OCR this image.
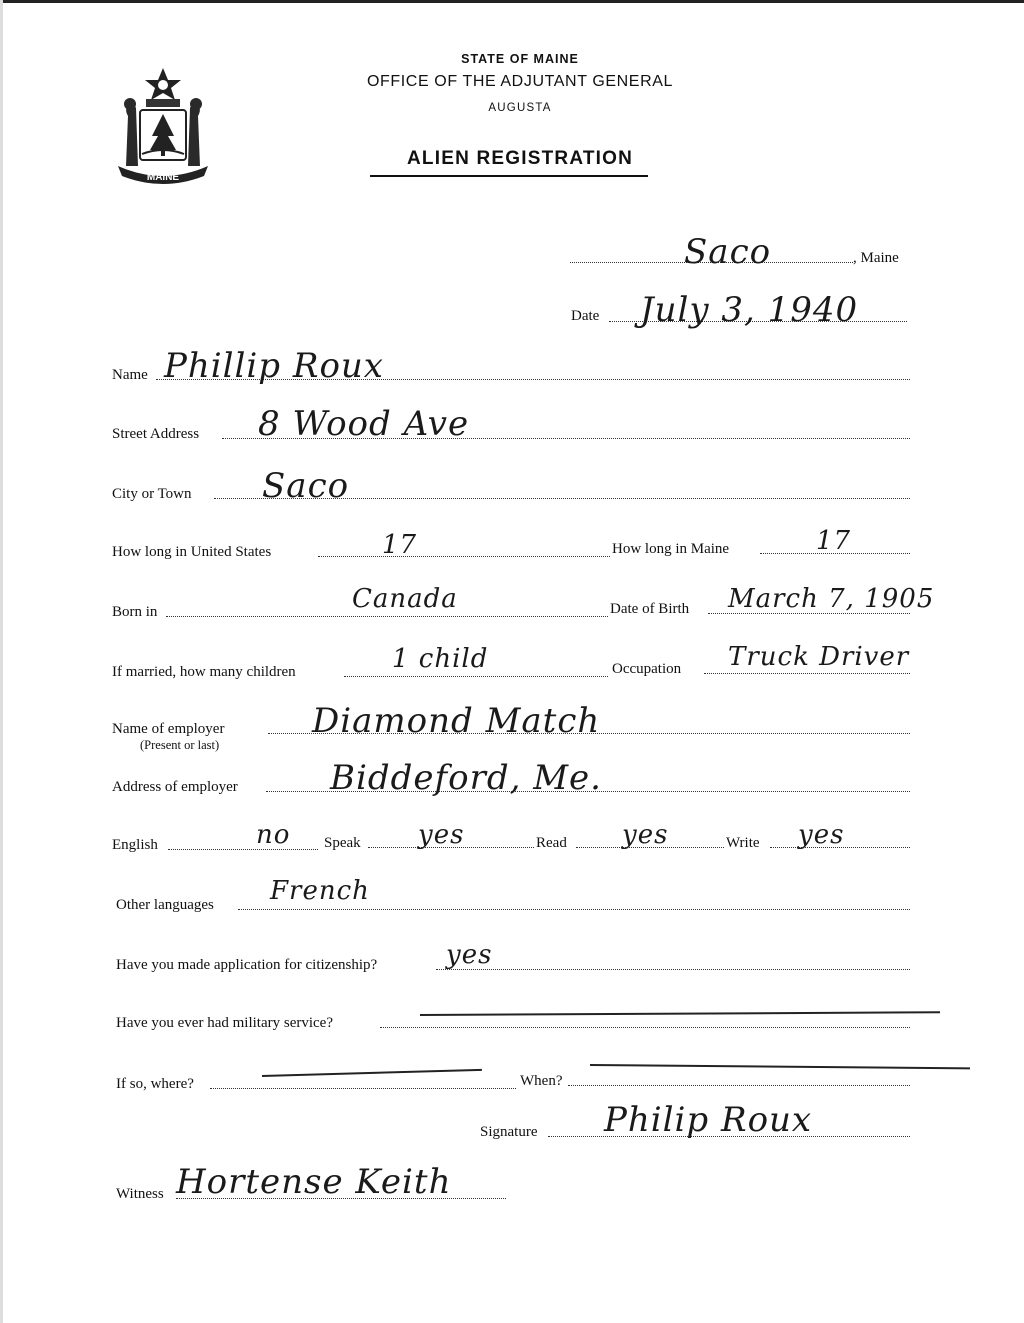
MAINE
STATE OF MAINE
OFFICE OF THE ADJUTANT GENERAL
AUGUSTA
ALIEN REGISTRATION
Saco	, Maine
Date July 3, 1940
Name Phillip Roux
Street Address 8 Wood Ave
City or Town Saco
How long in United States	17	How long in Maine	17
Born in	Canada	Date of Birth March 7, 1905
If married, how many children	1 child	Occupation Truck Driver
Name of employer
(Present or last)
Diamond Match
Address of employer	Biddeford, Me.
English	no Speak yes	Read yes	Write yes
Other languages French
Have you made application for citizenship?	yes
Have you ever had military service?
If so, where?	When?
Signature Philip Roux
Witness Hortense Keith
